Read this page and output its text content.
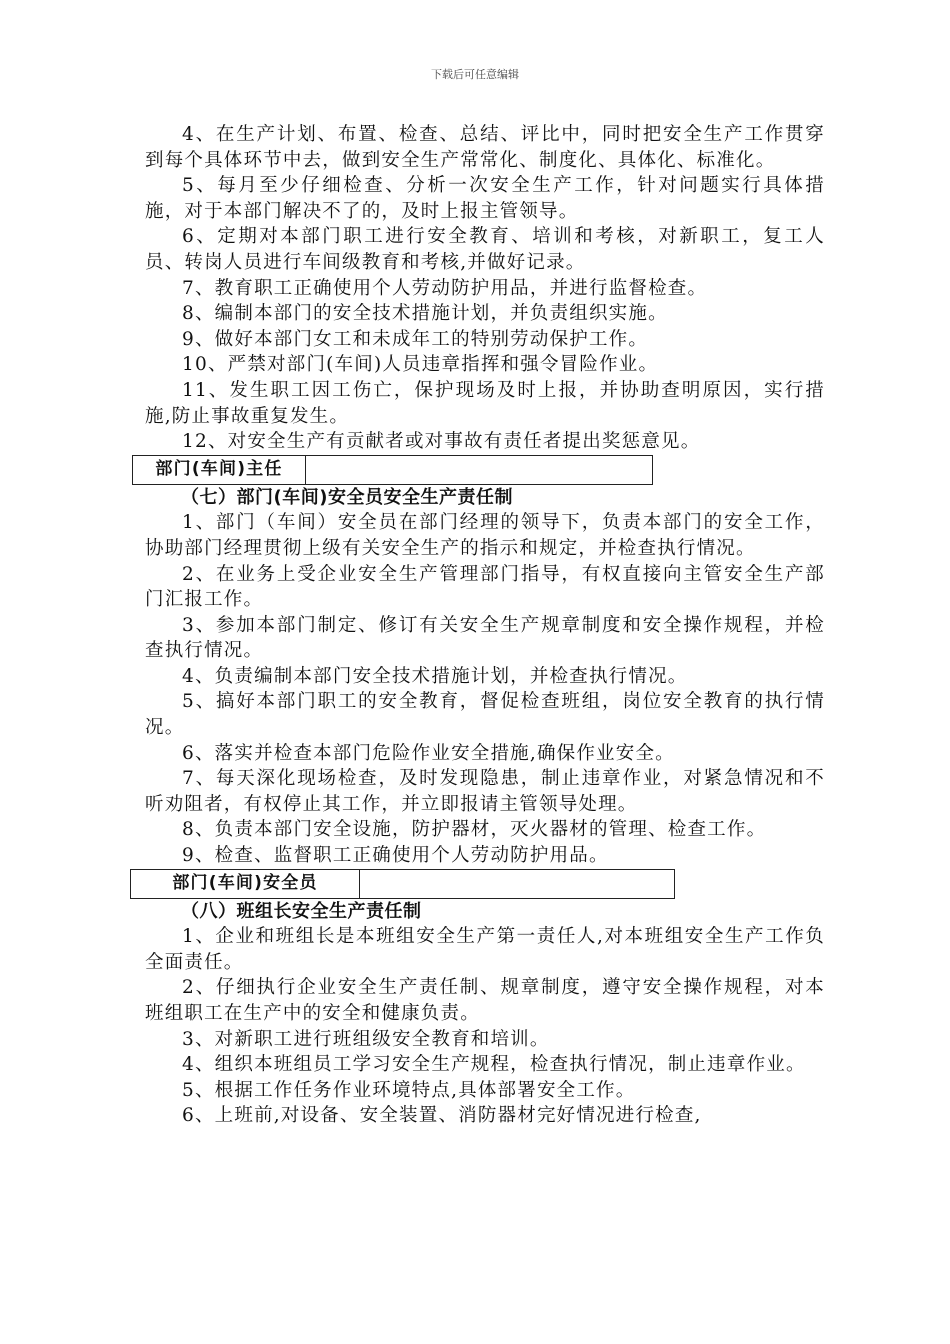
下载后可任意编辑

4、在生产计划、布置、检查、总结、评比中，同时把安全生产工作贯穿到每个具体环节中去，做到安全生产常常化、制度化、具体化、标准化。

5、每月至少仔细检查、分析一次安全生产工作，针对问题实行具体措施，对于本部门解决不了的，及时上报主管领导。

6、定期对本部门职工进行安全教育、培训和考核，对新职工，复工人员、转岗人员进行车间级教育和考核,并做好记录。

7、教育职工正确使用个人劳动防护用品，并进行监督检查。

8、编制本部门的安全技术措施计划，并负责组织实施。

9、做好本部门女工和未成年工的特别劳动保护工作。

10、严禁对部门(车间)人员违章指挥和强令冒险作业。

11、发生职工因工伤亡，保护现场及时上报，并协助查明原因，实行措施,防止事故重复发生。

12、对安全生产有贡献者或对事故有责任者提出奖惩意见。

部门(车间)主任	

（七）部门(车间)安全员安全生产责任制

1、部门（车间）安全员在部门经理的领导下，负责本部门的安全工作，协助部门经理贯彻上级有关安全生产的指示和规定，并检查执行情况。

2、在业务上受企业安全生产管理部门指导，有权直接向主管安全生产部门汇报工作。

3、参加本部门制定、修订有关安全生产规章制度和安全操作规程，并检查执行情况。

4、负责编制本部门安全技术措施计划，并检查执行情况。

5、搞好本部门职工的安全教育，督促检查班组，岗位安全教育的执行情况。

6、落实并检查本部门危险作业安全措施,确保作业安全。

7、每天深化现场检查，及时发现隐患，制止违章作业，对紧急情况和不听劝阻者，有权停止其工作，并立即报请主管领导处理。

8、负责本部门安全设施，防护器材，灭火器材的管理、检查工作。

9、检查、监督职工正确使用个人劳动防护用品。

部门(车间)安全员	

（八）班组长安全生产责任制

1、企业和班组长是本班组安全生产第一责任人,对本班组安全生产工作负全面责任。

2、仔细执行企业安全生产责任制、规章制度，遵守安全操作规程，对本班组职工在生产中的安全和健康负责。

3、对新职工进行班组级安全教育和培训。

4、组织本班组员工学习安全生产规程，检查执行情况，制止违章作业。

5、根据工作任务作业环境特点,具体部署安全工作。

6、上班前,对设备、安全装置、消防器材完好情况进行检查,
